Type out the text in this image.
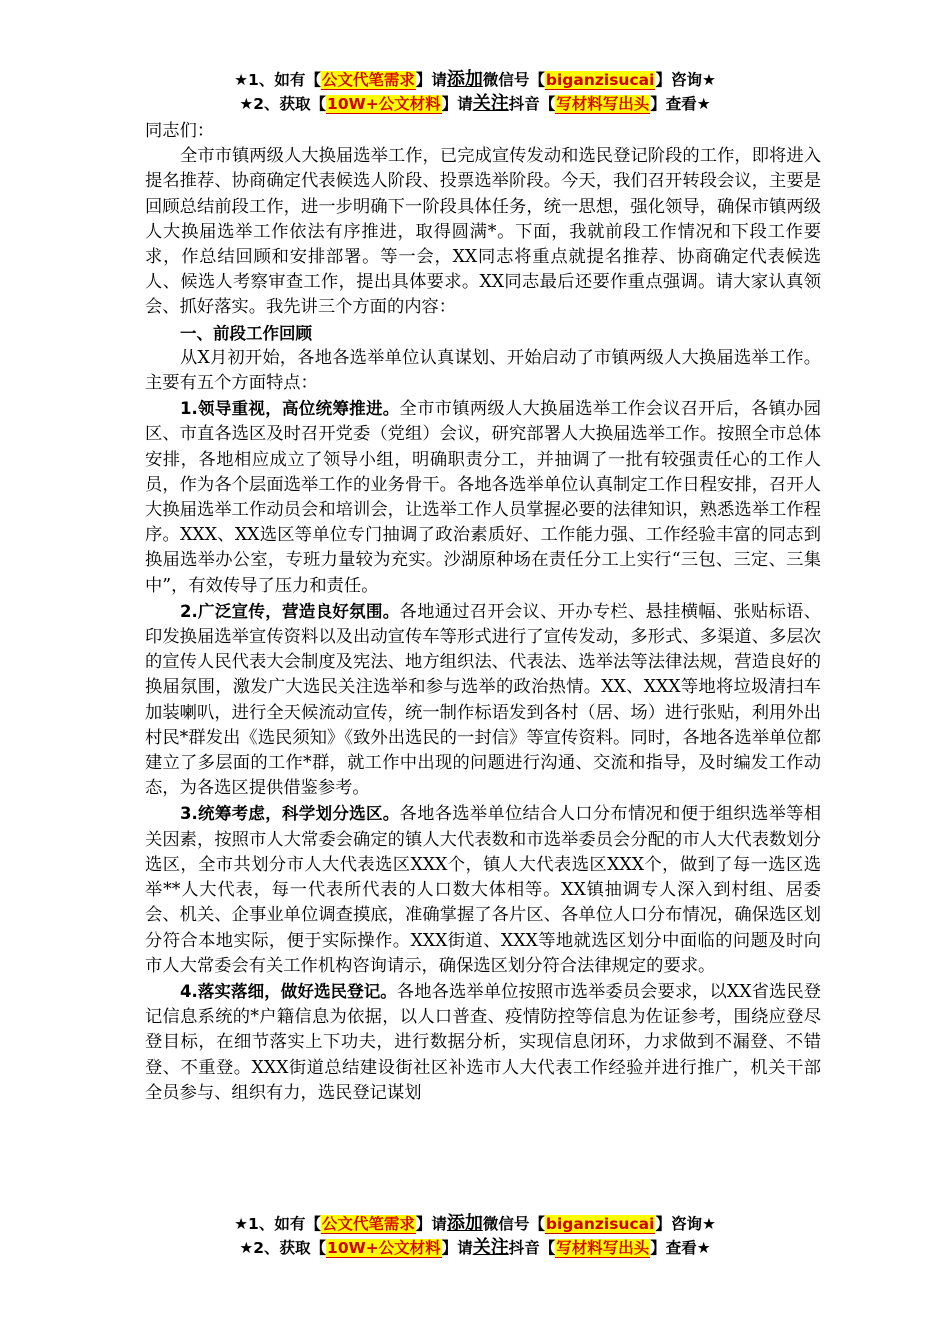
★1、如有【公文代笔需求】请添加微信号【biganzisucai】咨询★
★2、获取【10W+公文材料】请关注抖音【写材料写出头】查看★

同志们：

全市市镇两级人大换届选举工作，已完成宣传发动和选民登记阶段的工作，即将进入提名推荐、协商确定代表候选人阶段、投票选举阶段。今天，我们召开转段会议，主要是回顾总结前段工作，进一步明确下一阶段具体任务，统一思想，强化领导，确保市镇两级人大换届选举工作依法有序推进，取得圆满*。下面，我就前段工作情况和下段工作要求，作总结回顾和安排部署。等一会，XX同志将重点就提名推荐、协商确定代表候选人、候选人考察审查工作，提出具体要求。XX同志最后还要作重点强调。请大家认真领会、抓好落实。我先讲三个方面的内容：

一、前段工作回顾

从X月初开始，各地各选举单位认真谋划、开始启动了市镇两级人大换届选举工作。主要有五个方面特点：

1.领导重视，高位统筹推进。全市市镇两级人大换届选举工作会议召开后，各镇办园区、市直各选区及时召开党委（党组）会议，研究部署人大换届选举工作。按照全市总体安排，各地相应成立了领导小组，明确职责分工，并抽调了一批有较强责任心的工作人员，作为各个层面选举工作的业务骨干。各地各选举单位认真制定工作日程安排，召开人大换届选举工作动员会和培训会，让选举工作人员掌握必要的法律知识，熟悉选举工作程序。XXX、XX选区等单位专门抽调了政治素质好、工作能力强、工作经验丰富的同志到换届选举办公室，专班力量较为充实。沙湖原种场在责任分工上实行“三包、三定、三集中”，有效传导了压力和责任。

2.广泛宣传，营造良好氛围。各地通过召开会议、开办专栏、悬挂横幅、张贴标语、印发换届选举宣传资料以及出动宣传车等形式进行了宣传发动，多形式、多渠道、多层次的宣传人民代表大会制度及宪法、地方组织法、代表法、选举法等法律法规，营造良好的换届氛围，激发广大选民关注选举和参与选举的政治热情。XX、XXX等地将垃圾清扫车加装喇叭，进行全天候流动宣传，统一制作标语发到各村（居、场）进行张贴，利用外出村民*群发出《选民须知》《致外出选民的一封信》等宣传资料。同时，各地各选举单位都建立了多层面的工作*群，就工作中出现的问题进行沟通、交流和指导，及时编发工作动态，为各选区提供借鉴参考。

3.统筹考虑，科学划分选区。各地各选举单位结合人口分布情况和便于组织选举等相关因素，按照市人大常委会确定的镇人大代表数和市选举委员会分配的市人大代表数划分选区，全市共划分市人大代表选区XXX个，镇人大代表选区XXX个，做到了每一选区选举**人大代表，每一代表所代表的人口数大体相等。XX镇抽调专人深入到村组、居委会、机关、企事业单位调查摸底，准确掌握了各片区、各单位人口分布情况，确保选区划分符合本地实际，便于实际操作。XXX街道、XXX等地就选区划分中面临的问题及时向市人大常委会有关工作机构咨询请示，确保选区划分符合法律规定的要求。

4.落实落细，做好选民登记。各地各选举单位按照市选举委员会要求，以XX省选民登记信息系统的*户籍信息为依据，以人口普查、疫情防控等信息为佐证参考，围绕应登尽登目标，在细节落实上下功夫，进行数据分析，实现信息闭环，力求做到不漏登、不错登、不重登。XXX街道总结建设街社区补选市人大代表工作经验并进行推广，机关干部全员参与、组织有力，选民登记谋划

★1、如有【公文代笔需求】请添加微信号【biganzisucai】咨询★
★2、获取【10W+公文材料】请关注抖音【写材料写出头】查看★
